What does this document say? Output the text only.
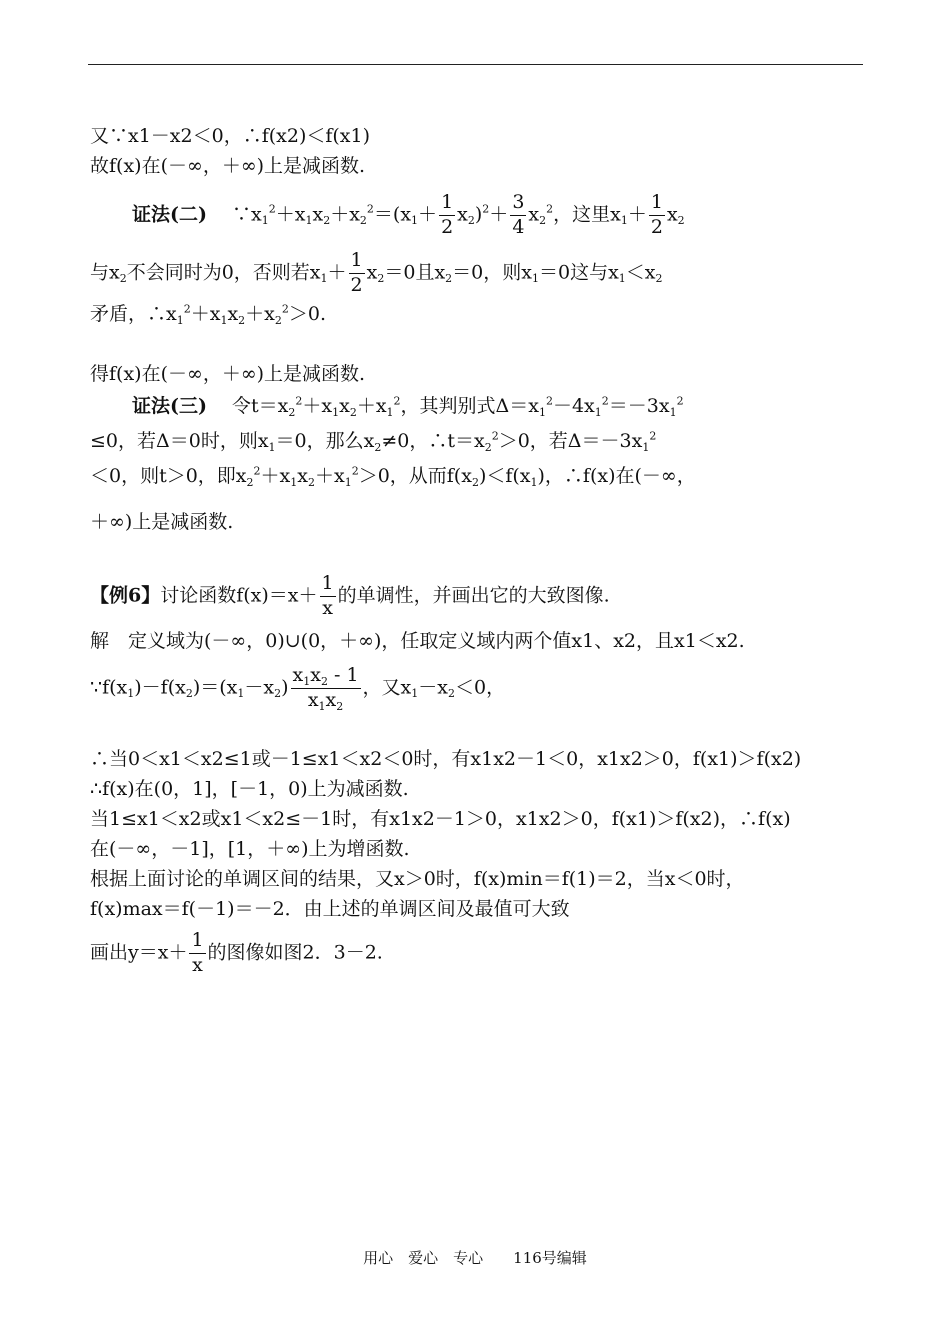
又∵x1－x2＜0，∴f(x2)＜f(x1)
故f(x)在(－∞，＋∞)上是减函数.
证法(二) 　$\because x_1^2+x_1x_2+x_2^2=(x_1+ \frac{1}{2} x_2)^2+ \frac{3}{4} x_2^2$，这里$x_1+ \frac{1}{2} x_2$
与$x_2$不会同时为0，否则若$x_1+ \frac{1}{2} x_2=0$且$x_2=0$，则$x_1=0$这与$x_1<x_2$
矛盾，$\therefore x_1^2+x_1x_2+x_2^2>0$.
得f(x)在(－∞，＋∞)上是减函数.
证法(三) 　令$t=x_2^2+x_1x_2+x_1^2$，其判别式$\Delta=x_1^2-4x_1^2=-3x_1^2$
≤0，若Δ＝0时，则$x_1=0$，那么$x_2\ne 0$，$\therefore t=x_2^2>0$，若$\Delta=-3x_1^2$
＜0，则t＞0，即$x_2^2+x_1x_2+x_1^2>0$，从而$f(x_2)<f(x_1)$，∴f(x)在(－∞，
＋∞)上是减函数.
【例6】讨论函数$f(x)=x+ \frac{1}{x}$ 的单调性，并画出它的大致图像.
解　定义域为(－∞，0)∪(0，＋∞)，任取定义域内两个值x1、x2，且x1＜x2.
$\because f(x_1)-f(x_2)=(x_1-x_2) \frac{x_1x_2 - 1}{x_1x_2}$ ，又$x_1-x_2<0$，
∴当0＜x1＜x2≤1或－1≤x1＜x2＜0时，有x1x2－1＜0，x1x2＞0，f(x1)＞f(x2)
∴f(x)在(0，1]，[－1，0)上为减函数.
当1≤x1＜x2或x1＜x2≤－1时，有x1x2－1＞0，x1x2＞0，f(x1)＞f(x2)，∴f(x)
在(－∞，－1]，[1，＋∞)上为增函数.
根据上面讨论的单调区间的结果，又x＞0时，f(x)min＝f(1)＝2，当x＜0时，
f(x)max＝f(－1)＝－2．由上述的单调区间及最值可大致
画出$y=x+ \frac{1}{x}$ 的图像如图2．3－2.
用心　爱心　专心　　116号编辑
